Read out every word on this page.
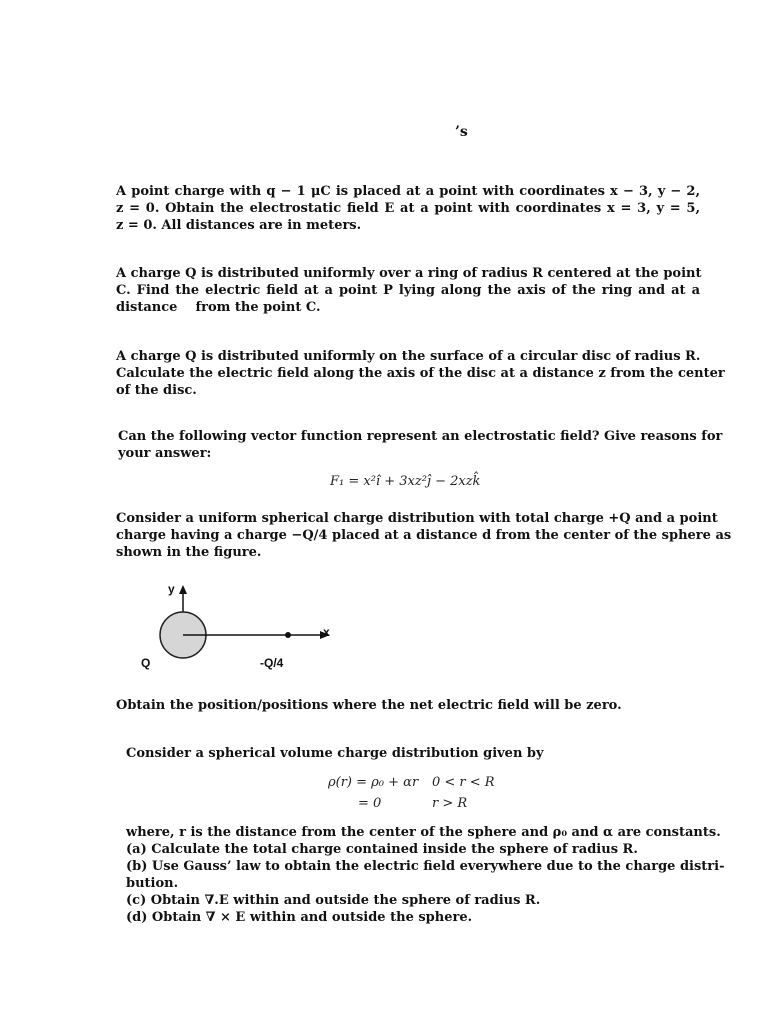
’s
A point charge with q − 1 μC is placed at a point with coordinates x − 3, y − 2,
z = 0. Obtain the electrostatic field E at a point with coordinates x = 3, y = 5,
z = 0. All distances are in meters.
A charge Q is distributed uniformly over a ring of radius R centered at the point
C. Find the electric field at a point P lying along the axis of the ring and at a
distance    from the point C.
A charge Q is distributed uniformly on the surface of a circular disc of radius R.
Calculate the electric field along the axis of the disc at a distance z from the center
of the disc.
Can the following vector function represent an electrostatic field? Give reasons for
your answer:
F₁ = x²î + 3xz²ĵ − 2xzk̂
Consider a uniform spherical charge distribution with total charge +Q and a point
charge having a charge −Q/4 placed at a distance d from the center of the sphere as
shown in the figure.
y
x
Q	-Q/4
Obtain the position/positions where the net electric field will be zero.
Consider a spherical volume charge distribution given by
ρ(r) = ρ₀ + αr	0 < r < R
= 0	r > R
where, r is the distance from the center of the sphere and ρ₀ and α are constants.
(a) Calculate the total charge contained inside the sphere of radius R.
(b) Use Gauss’ law to obtain the electric field everywhere due to the charge distri-
bution.
(c) Obtain ∇.E within and outside the sphere of radius R.
(d) Obtain ∇ × E within and outside the sphere.
